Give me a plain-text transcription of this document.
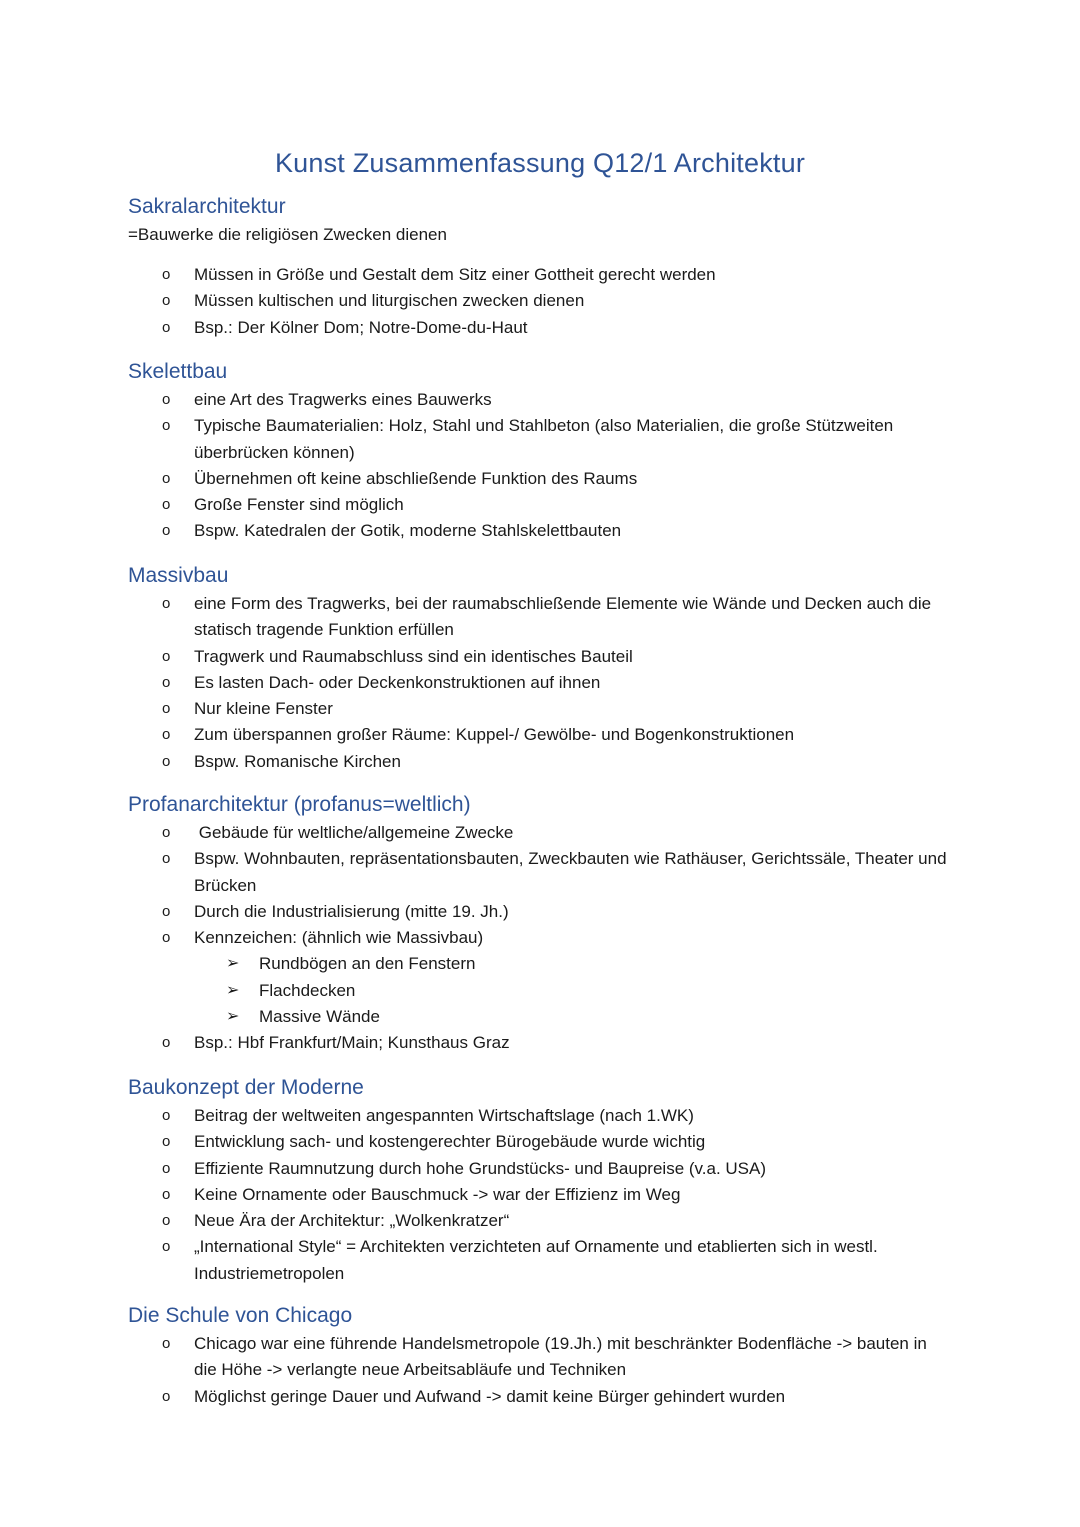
Kunst Zusammenfassung Q12/1 Architektur
Sakralarchitektur
=Bauwerke die religiösen Zwecken dienen
o Müssen in Größe und Gestalt dem Sitz einer Gottheit gerecht werden
o Müssen kultischen und liturgischen zwecken dienen
o Bsp.: Der Kölner Dom; Notre-Dome-du-Haut
Skelettbau
o eine Art des Tragwerks eines Bauwerks
o Typische Baumaterialien: Holz, Stahl und Stahlbeton (also Materialien, die große Stützweiten überbrücken können)
o Übernehmen oft keine abschließende Funktion des Raums
o Große Fenster sind möglich
o Bspw. Katedralen der Gotik, moderne Stahlskelettbauten
Massivbau
o eine Form des Tragwerks, bei der raumabschließende Elemente wie Wände und Decken auch die statisch tragende Funktion erfüllen
o Tragwerk und Raumabschluss sind ein identisches Bauteil
o Es lasten Dach- oder Deckenkonstruktionen auf ihnen
o Nur kleine Fenster
o Zum überspannen großer Räume: Kuppel-/ Gewölbe- und Bogenkonstruktionen
o Bspw. Romanische Kirchen
Profanarchitektur (profanus=weltlich)
o Gebäude für weltliche/allgemeine Zwecke
o Bspw. Wohnbauten, repräsentationsbauten, Zweckbauten wie Rathäuser, Gerichtssäle, Theater und Brücken
o Durch die Industrialisierung (mitte 19. Jh.)
o Kennzeichen: (ähnlich wie Massivbau)
➢ Rundbögen an den Fenstern
➢ Flachdecken
➢ Massive Wände
o Bsp.: Hbf Frankfurt/Main; Kunsthaus Graz
Baukonzept der Moderne
o Beitrag der weltweiten angespannten Wirtschaftslage (nach 1.WK)
o Entwicklung sach- und kostengerechter Bürogebäude wurde wichtig
o Effiziente Raumnutzung durch hohe Grundstücks- und Baupreise (v.a. USA)
o Keine Ornamente oder Bauschmuck -> war der Effizienz im Weg
o Neue Ära der Architektur: „Wolkenkratzer“
o „International Style“ = Architekten verzichteten auf Ornamente und etablierten sich in westl. Industriemetropolen
Die Schule von Chicago
o Chicago war eine führende Handelsmetropole (19.Jh.) mit beschränkter Bodenfläche -> bauten in die Höhe -> verlangte neue Arbeitsabläufe und Techniken
o Möglichst geringe Dauer und Aufwand -> damit keine Bürger gehindert wurden
